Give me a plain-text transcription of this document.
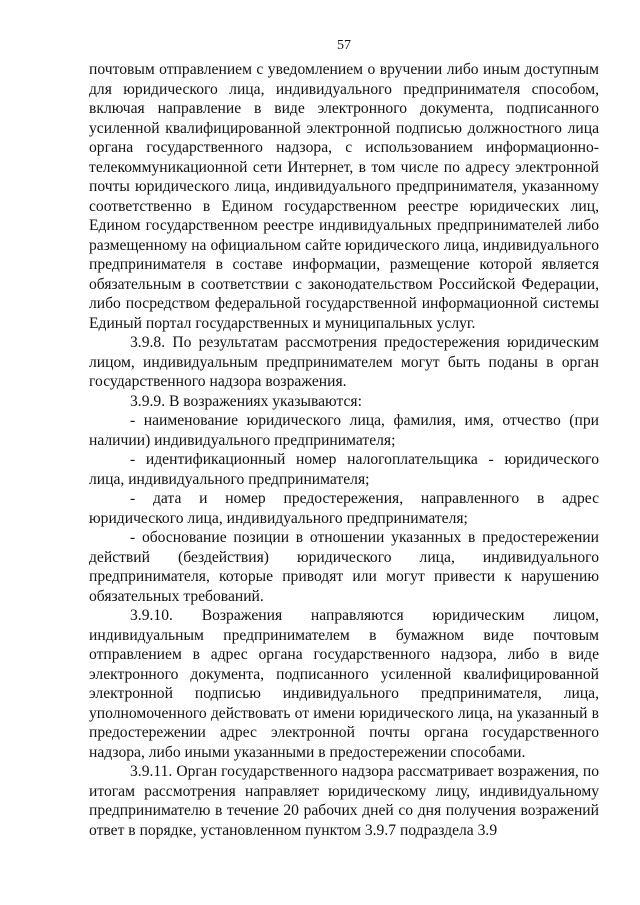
57

почтовым отправлением с уведомлением о вручении либо иным доступным для юридического лица, индивидуального предпринимателя способом, включая направление в виде электронного документа, подписанного усиленной квалифицированной электронной подписью должностного лица органа государственного надзора, с использованием информационно-телекоммуникационной сети Интернет, в том числе по адресу электронной почты юридического лица, индивидуального предпринимателя, указанному соответственно в Едином государственном реестре юридических лиц, Едином государственном реестре индивидуальных предпринимателей либо размещенному на официальном сайте юридического лица, индивидуального предпринимателя в составе информации, размещение которой является обязательным в соответствии с законодательством Российской Федерации, либо посредством федеральной государственной информационной системы Единый портал государственных и муниципальных услуг.

3.9.8. По результатам рассмотрения предостережения юридическим лицом, индивидуальным предпринимателем могут быть поданы в орган государственного надзора возражения.

3.9.9. В возражениях указываются:

- наименование юридического лица, фамилия, имя, отчество (при наличии) индивидуального предпринимателя;

- идентификационный номер налогоплательщика - юридического лица, индивидуального предпринимателя;

- дата и номер предостережения, направленного в адрес юридического лица, индивидуального предпринимателя;

- обоснование позиции в отношении указанных в предостережении действий (бездействия) юридического лица, индивидуального предпринимателя, которые приводят или могут привести к нарушению обязательных требований.

3.9.10. Возражения направляются юридическим лицом, индивидуальным предпринимателем в бумажном виде почтовым отправлением в адрес органа государственного надзора, либо в виде электронного документа, подписанного усиленной квалифицированной электронной подписью индивидуального предпринимателя, лица, уполномоченного действовать от имени юридического лица, на указанный в предостережении адрес электронной почты органа государственного надзора, либо иными указанными в предостережении способами.

3.9.11. Орган государственного надзора рассматривает возражения, по итогам рассмотрения направляет юридическому лицу, индивидуальному предпринимателю в течение 20 рабочих дней со дня получения возражений ответ в порядке, установленном пунктом 3.9.7 подраздела 3.9
